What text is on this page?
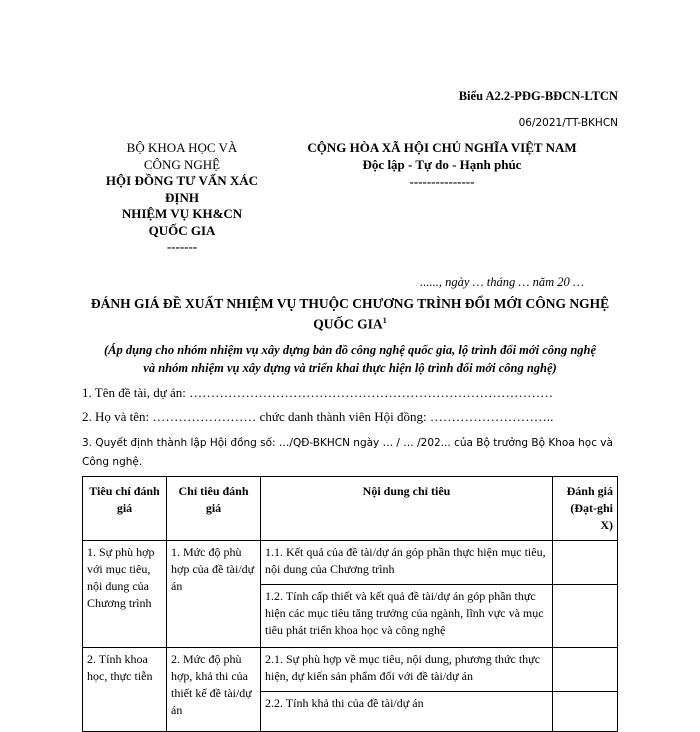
Biểu A2.2-PĐG-BĐCN-LTCN
06/2021/TT-BKHCN
BỘ KHOA HỌC VÀ
CÔNG NGHỆ
HỘI ĐỒNG TƯ VẤN XÁC
ĐỊNH
NHIỆM VỤ KH&CN
QUỐC GIA
-------
CỘNG HÒA XÃ HỘI CHỦ NGHĨA VIỆT NAM
Độc lập - Tự do - Hạnh phúc
---------------
......, ngày … tháng … năm 20 …
ĐÁNH GIÁ ĐỀ XUẤT NHIỆM VỤ THUỘC CHƯƠNG TRÌNH ĐỔI MỚI CÔNG NGHỆ
QUỐC GIA$^1$
(Áp dụng cho nhóm nhiệm vụ xây dựng bản đồ công nghệ quốc gia, lộ trình đổi mới công nghệ
và nhóm nhiệm vụ xây dựng và triển khai thực hiện lộ trình đổi mới công nghệ)
1. Tên đề tài, dự án: …………………………………………………………………………
2. Họ và tên: …………………… chức danh thành viên Hội đồng: ………………………..
3. Quyết định thành lập Hội đồng số: …/QĐ-BKHCN ngày … / … /202... của Bộ trưởng Bộ Khoa học và Công nghệ.
Tiêu chí đánh giá	Chỉ tiêu đánh giá	Nội dung chỉ tiêu	Đánh giá (Đạt-ghi X)
1. Sự phù hợp với mục tiêu, nội dung của Chương trình	1. Mức độ phù hợp của đề tài/dự án	1.1. Kết quả của đề tài/dự án góp phần thực hiện mục tiêu, nội dung của Chương trình	
		1.2. Tính cấp thiết và kết quả đề tài/dự án góp phần thực hiện các mục tiêu tăng trưởng của ngành, lĩnh vực và mục tiêu phát triển khoa học và công nghệ	
2. Tính khoa học, thực tiễn	2. Mức độ phù hợp, khả thi của thiết kế đề tài/dự án	2.1. Sự phù hợp về mục tiêu, nội dung, phương thức thực hiện, dự kiến sản phẩm đối với đề tài/dự án	
		2.2. Tính khả thi của đề tài/dự án	
